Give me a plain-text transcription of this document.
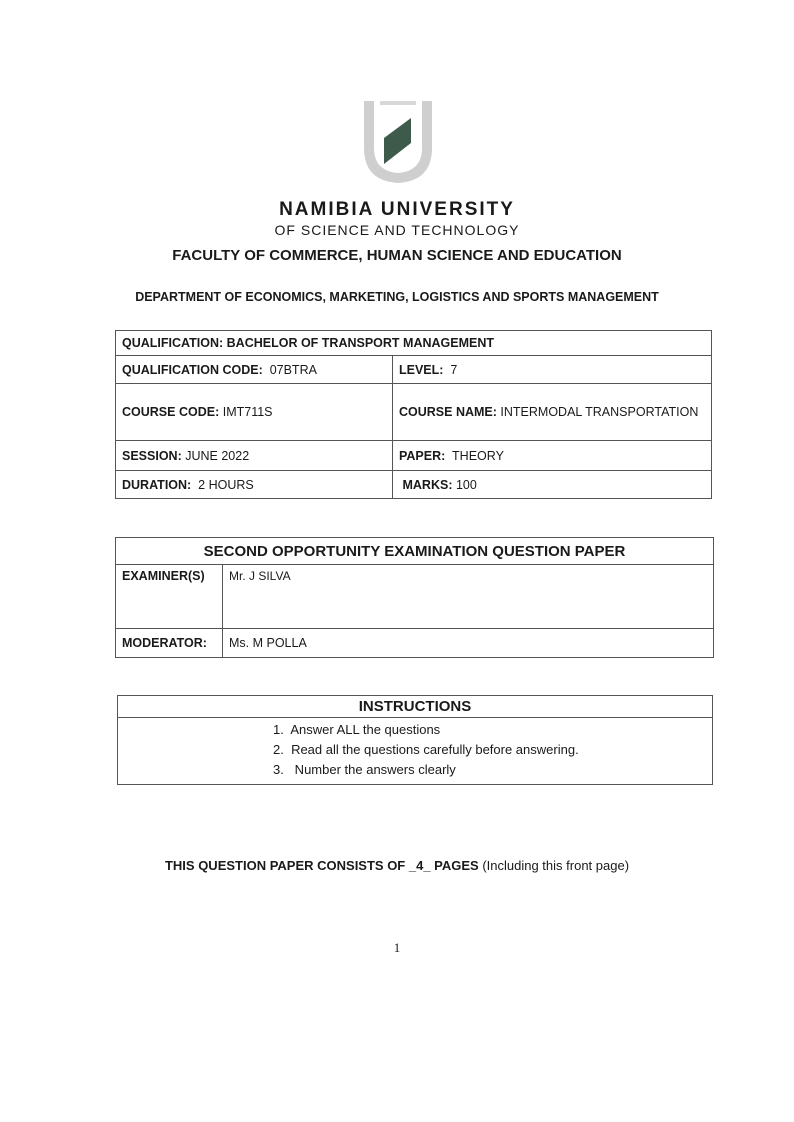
NAMIBIA UNIVERSITY
OF SCIENCE AND TECHNOLOGY
FACULTY OF COMMERCE, HUMAN SCIENCE AND EDUCATION
DEPARTMENT OF ECONOMICS, MARKETING, LOGISTICS AND SPORTS MANAGEMENT
QUALIFICATION: BACHELOR OF TRANSPORT MANAGEMENT	
QUALIFICATION CODE: 07BTRA	LEVEL: 7
COURSE CODE: IMT711S	COURSE NAME: INTERMODAL TRANSPORTATION
SESSION: JUNE 2022	PAPER: THEORY
DURATION: 2 HOURS	MARKS: 100
SECOND OPPORTUNITY EXAMINATION QUESTION PAPER	
EXAMINER(S)	Mr. J SILVA
MODERATOR:	Ms. M POLLA
INSTRUCTIONS

1.  Answer ALL the questions
2.  Read all the questions carefully before answering.
3.   Number the answers clearly
THIS QUESTION PAPER CONSISTS OF _4_ PAGES (Including this front page)
1
